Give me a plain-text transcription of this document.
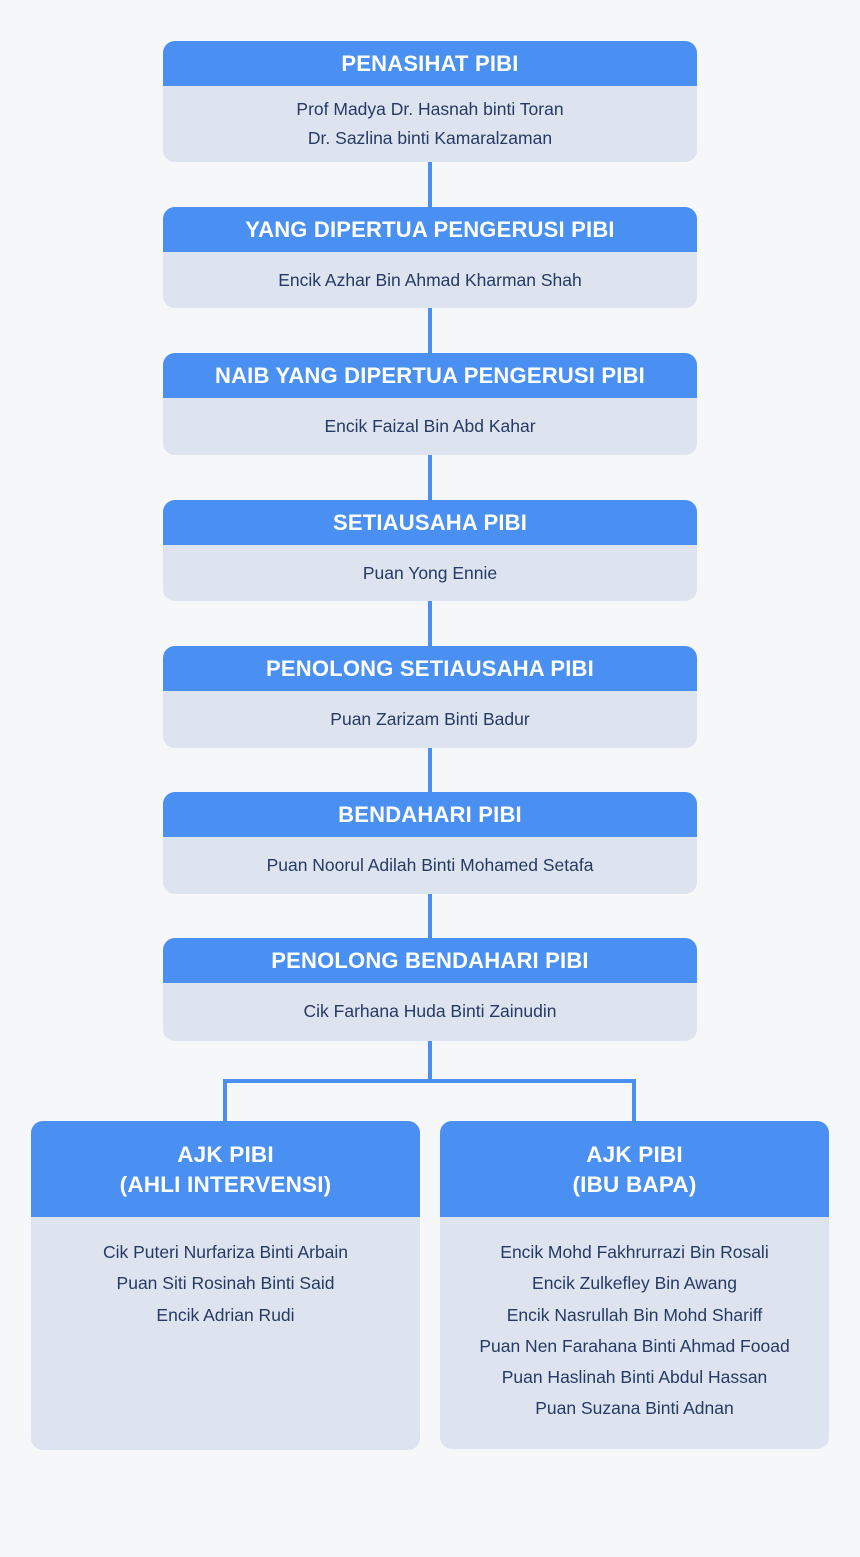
PENASIHAT PIBI
Prof Madya Dr. Hasnah binti Toran
Dr. Sazlina binti Kamaralzaman
YANG DIPERTUA PENGERUSI PIBI
Encik Azhar Bin Ahmad Kharman Shah
NAIB YANG DIPERTUA PENGERUSI PIBI
Encik Faizal Bin Abd Kahar
SETIAUSAHA PIBI
Puan Yong Ennie
PENOLONG SETIAUSAHA PIBI
Puan Zarizam Binti Badur
BENDAHARI PIBI
Puan Noorul Adilah Binti Mohamed Setafa
PENOLONG BENDAHARI PIBI
Cik Farhana Huda Binti Zainudin
AJK PIBI
(AHLI INTERVENSI)
Cik Puteri Nurfariza Binti Arbain
Puan Siti Rosinah Binti Said
Encik Adrian Rudi
AJK PIBI
(IBU BAPA)
Encik Mohd Fakhrurrazi Bin Rosali
Encik Zulkefley Bin Awang
Encik Nasrullah Bin Mohd Shariff
Puan Nen Farahana Binti Ahmad Fooad
Puan Haslinah Binti Abdul Hassan
Puan Suzana Binti Adnan
